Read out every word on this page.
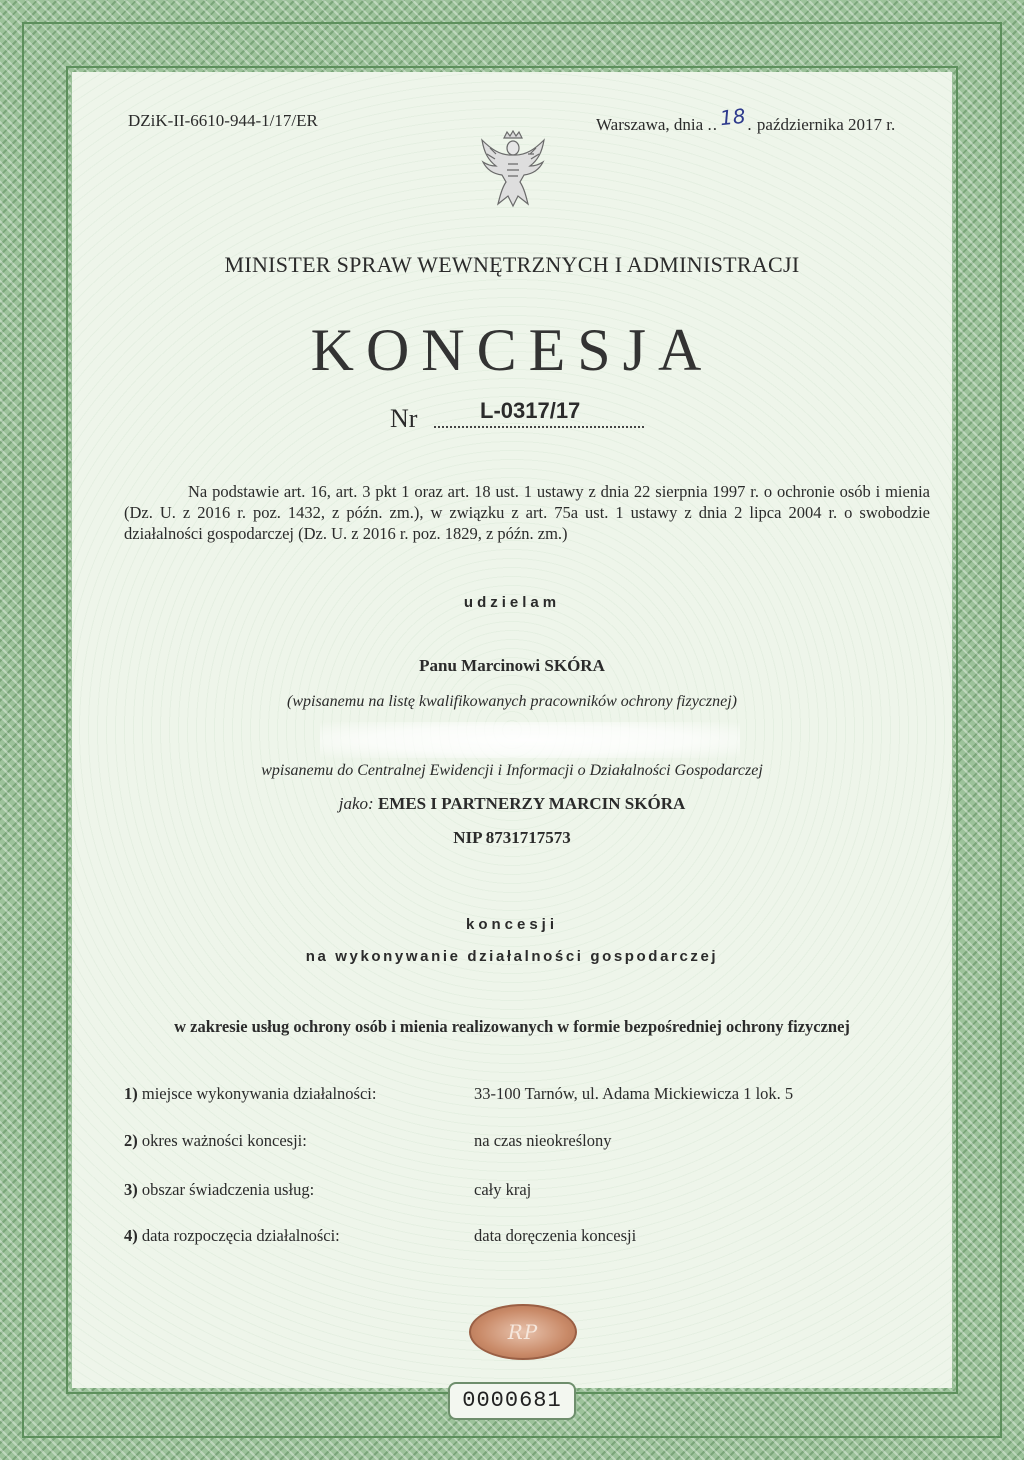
DZiK-II-6610-944-1/17/ER	Warszawa, dnia ..18. października 2017 r.
MINISTER SPRAW WEWNĘTRZNYCH I ADMINISTRACJI
KONCESJA
Nr	L-0317/17
Na podstawie art. 16, art. 3 pkt 1 oraz art. 18 ust. 1 ustawy z dnia 22 sierpnia 1997 r. o ochronie osób i mienia (Dz. U. z 2016 r. poz. 1432, z późn. zm.), w związku z art. 75a ust. 1 ustawy z dnia 2 lipca 2004 r. o swobodzie działalności gospodarczej (Dz. U. z 2016 r. poz. 1829, z późn. zm.)
udzielam
Panu Marcinowi SKÓRA
(wpisanemu na listę kwalifikowanych pracowników ochrony fizycznej)
wpisanemu do Centralnej Ewidencji i Informacji o Działalności Gospodarczej
jako: EMES I PARTNERZY MARCIN SKÓRA
NIP 8731717573
koncesji
na wykonywanie działalności gospodarczej
w zakresie usług ochrony osób i mienia realizowanych w formie bezpośredniej ochrony fizycznej
1) miejsce wykonywania działalności:	33-100 Tarnów, ul. Adama Mickiewicza 1 lok. 5
2) okres ważności koncesji:	na czas nieokreślony
3) obszar świadczenia usług:	cały kraj
4) data rozpoczęcia działalności:	data doręczenia koncesji
RP
0000681
